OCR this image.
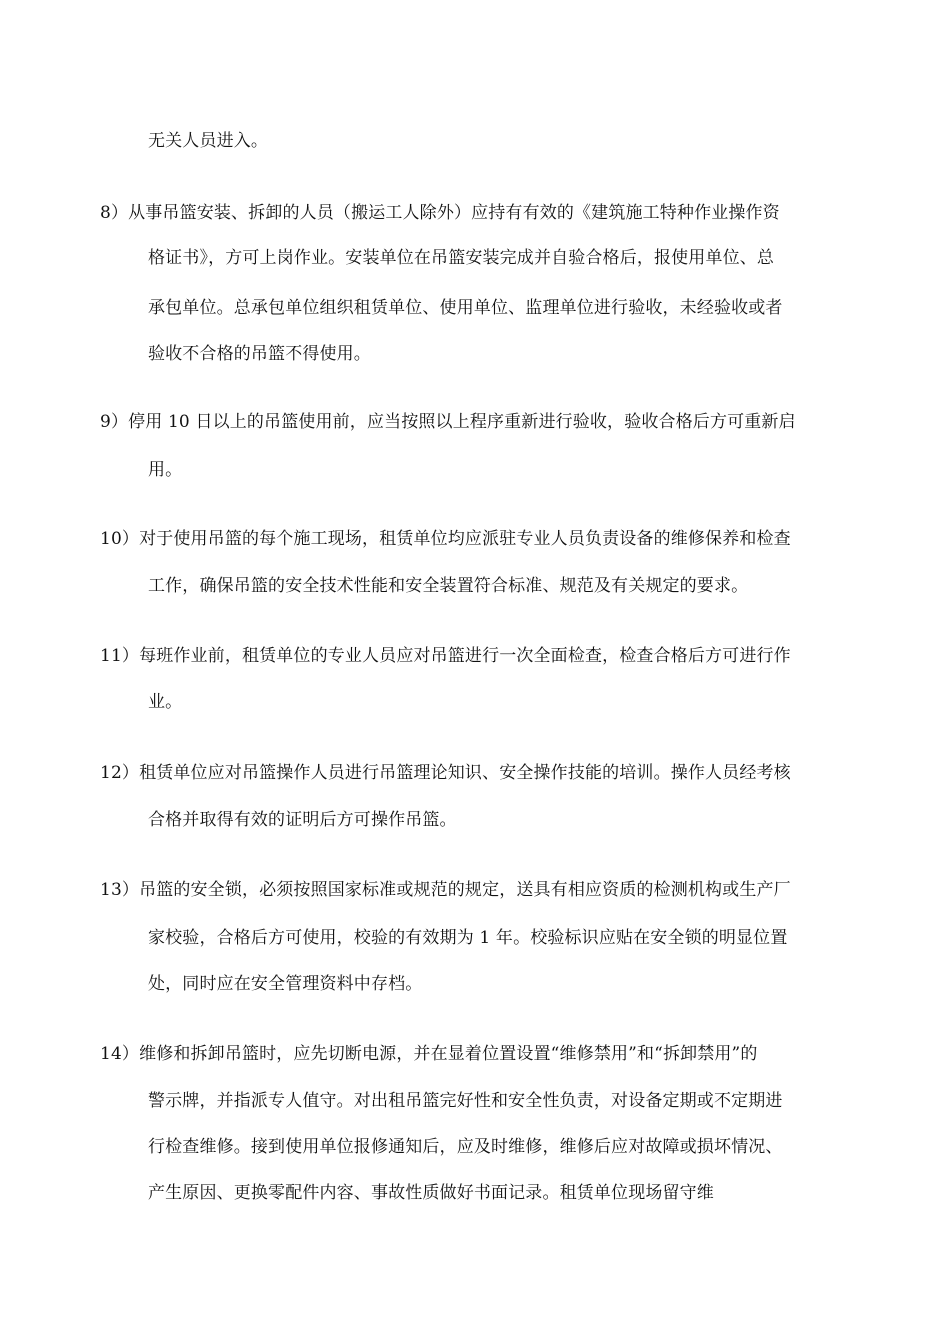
无关人员进入。
8）从事吊篮安装、拆卸的人员（搬运工人除外）应持有有效的《建筑施工特种作业操作资
格证书》，方可上岗作业。安装单位在吊篮安装完成并自验合格后，报使用单位、总
承包单位。总承包单位组织租赁单位、使用单位、监理单位进行验收，未经验收或者
验收不合格的吊篮不得使用。
9）停用 10 日以上的吊篮使用前，应当按照以上程序重新进行验收，验收合格后方可重新启
用。
10）对于使用吊篮的每个施工现场，租赁单位均应派驻专业人员负责设备的维修保养和检查
工作，确保吊篮的安全技术性能和安全装置符合标准、规范及有关规定的要求。
11）每班作业前，租赁单位的专业人员应对吊篮进行一次全面检查，检查合格后方可进行作
业。
12）租赁单位应对吊篮操作人员进行吊篮理论知识、安全操作技能的培训。操作人员经考核
合格并取得有效的证明后方可操作吊篮。
13）吊篮的安全锁，必须按照国家标准或规范的规定，送具有相应资质的检测机构或生产厂
家校验，合格后方可使用，校验的有效期为 1 年。校验标识应贴在安全锁的明显位置
处，同时应在安全管理资料中存档。
14）维修和拆卸吊篮时，应先切断电源，并在显着位置设置“维修禁用”和“拆卸禁用”的
警示牌，并指派专人值守。对出租吊篮完好性和安全性负责，对设备定期或不定期进
行检查维修。接到使用单位报修通知后，应及时维修，维修后应对故障或损坏情况、
产生原因、更换零配件内容、事故性质做好书面记录。租赁单位现场留守维
